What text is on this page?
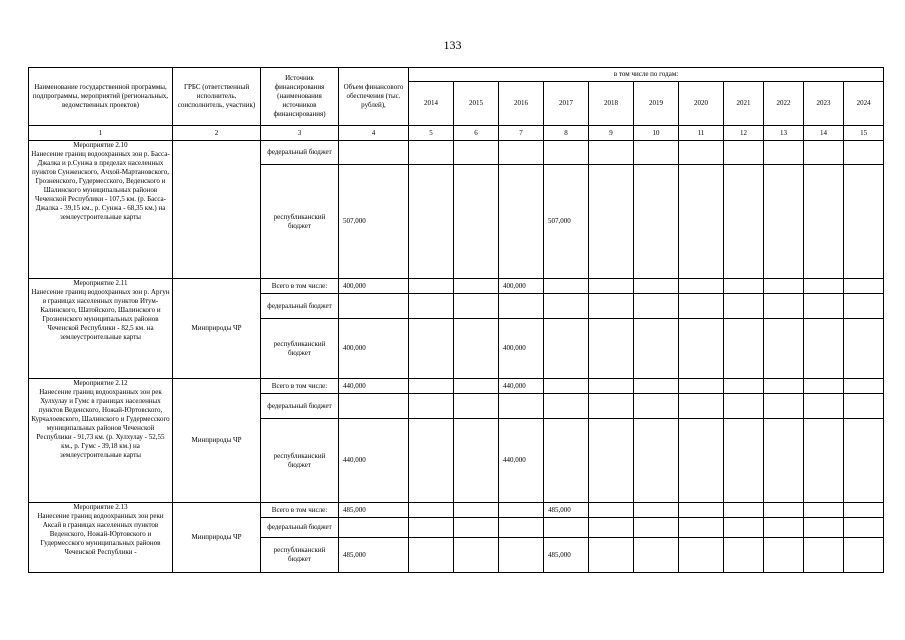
133
Наименование государственной программы, подпрограммы, мероприятий (региональных, ведомственных проектов)	ГРБС (ответственный исполнитель, соисполнитель, участник)	Источник финансирования (наименования источников финансирования)	Объем финансового обеспечения (тыс. рублей),	в том числе по годам:										
				2014	2015	2016	2017	2018	2019	2020	2021	2022	2023	2024
1	2	3	4	5	6	7	8	9	10	11	12	13	14	15
Мероприятие 2.10
Нанесение границ водоохранных зон р. Басса-Джалка и р.Сунжа в пределах населенных пунктов Сунженского, Ачхой-Мартановского, Грозненского, Гудермесского, Веденского и Шалинского муниципальных районов Чеченской Республики - 107,5 км. (р. Басса-Джалка - 39,15 км., р. Сунжа - 68,35 км.) на землеустроительные карты		федеральный бюджет												
		республиканский бюджет	507,000				507,000							
Мероприятие 2.11
Нанесение границ водоохранных зон р. Аргун в границах населенных пунктов Итум-Калинского, Шатойского, Шалинского и Грозненского муниципальных районов Чеченской Республики - 82,5 км. на землеустроительные карты	Минприроды ЧР	Всего в том числе:	400,000			400,000								
		федеральный бюджет												
		республиканский бюджет	400,000			400,000								
Мероприятие 2.12
Нанесение границ водоохранных зон рек Хулхулау и Гумс в границах населенных пунктов Веденского, Ножай-Юртовского, Курчалоевского, Шалинского и Гудермесского муниципальных районов Чеченской Республики - 91,73 км. (р. Хулхулау - 52,55 км., р. Гумс - 39,18 км.) на землеустроительные карты	Минприроды ЧР	Всего в том числе:	440,000			440,000								
		федеральный бюджет												
		республиканский бюджет	440,000			440,000								
Мероприятие 2.13
Нанесение границ водоохранных зон реки Аксай в границах населенных пунктов Веденского, Ножай-Юртовского и Гудермесского муниципальных районов Чеченской Республики -	Минприроды ЧР	Всего в том числе:	485,000				485,000							
		федеральный бюджет												
		республиканский бюджет	485,000				485,000							
